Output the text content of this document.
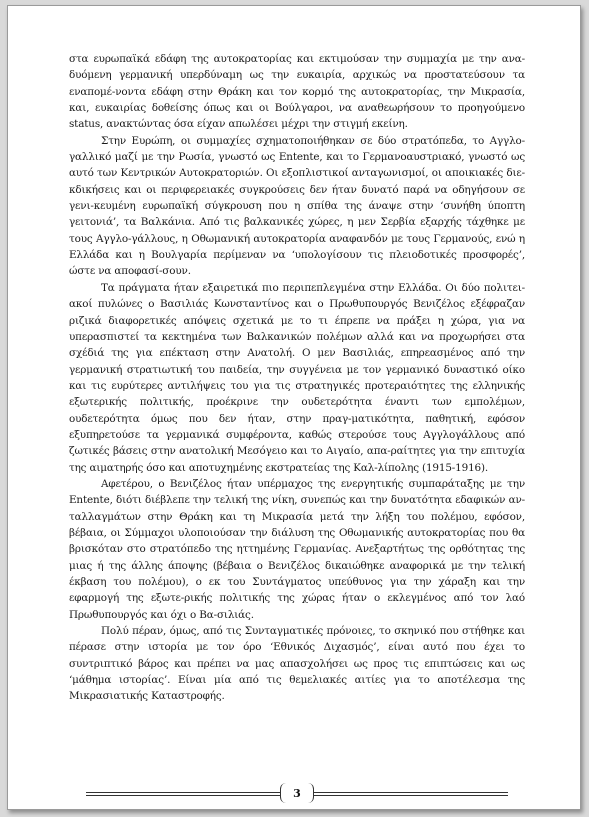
στα ευρωπαϊκά εδάφη της αυτοκρατορίας και εκτιμούσαν την συμμαχία με την ανα-δυόμενη γερμανική υπερδύναμη ως την ευκαιρία, αρχικώς να προστατεύσουν τα εναπομέ-νοντα εδάφη στην Θράκη και τον κορμό της αυτοκρατορίας, την Μικρασία, και, ευκαιρίας δοθείσης όπως και οι Βούλγαροι, να αναθεωρήσουν το προηγούμενο status, ανακτώντας όσα είχαν απωλέσει μέχρι την στιγμή εκείνη.

Στην Ευρώπη, οι συμμαχίες σχηματοποιήθηκαν σε δύο στρατόπεδα, το Αγγλο-γαλλικό μαζί με την Ρωσία, γνωστό ως Entente, και το Γερμανοαυστριακό, γνωστό ως αυτό των Κεντρικών Αυτοκρατοριών. Οι εξοπλιστικοί ανταγωνισμοί, οι αποικιακές διε-κδικήσεις και οι περιφερειακές συγκρούσεις δεν ήταν δυνατό παρά να οδηγήσουν σε γενι-κευμένη ευρωπαϊκή σύγκρουση που η σπίθα της άναψε στην ‘συνήθη ύποπτη γειτονιά’, τα Βαλκάνια. Από τις βαλκανικές χώρες, η μεν Σερβία εξαρχής τάχθηκε με τους Αγγλο-γάλλους, η Οθωμανική αυτοκρατορία αναφανδόν με τους Γερμανούς, ενώ η Ελλάδα και η Βουλγαρία περίμεναν να ‘υπολογίσουν τις πλειοδοτικές προσφορές’, ώστε να αποφασί-σουν.

Τα πράγματα ήταν εξαιρετικά πιο περιπεπλεγμένα στην Ελλάδα. Οι δύο πολιτει-ακοί πυλώνες ο Βασιλιάς Κωνσταντίνος και ο Πρωθυπουργός Βενιζέλος εξέφραζαν ριζικά διαφορετικές απόψεις σχετικά με το τι έπρεπε να πράξει η χώρα, για να υπερασπιστεί τα κεκτημένα των Βαλκανικών πολέμων αλλά και να προχωρήσει στα σχέδιά της για επέκταση στην Ανατολή. Ο μεν Βασιλιάς, επηρεασμένος από την γερμανική στρατιωτική του παιδεία, την συγγένεια με τον γερμανικό δυναστικό οίκο και τις ευρύτερες αντιλήψεις του για τις στρατηγικές προτεραιότητες της ελληνικής εξωτερικής πολιτικής, προέκρινε την ουδετερότητα έναντι των εμπολέμων, ουδετερότητα όμως που δεν ήταν, στην πραγ-ματικότητα, παθητική, εφόσον εξυπηρετούσε τα γερμανικά συμφέροντα, καθώς στερούσε τους Αγγλογάλλους από ζωτικές βάσεις στην ανατολική Μεσόγειο και το Αιγαίο, απα-ραίτητες για την επιτυχία της αιματηρής όσο και αποτυχημένης εκστρατείας της Καλ-λίπολης (1915-1916).

Αφετέρου, ο Βενιζέλος ήταν υπέρμαχος της ενεργητικής συμπαράταξης με την Entente, διότι διέβλεπε την τελική της νίκη, συνεπώς και την δυνατότητα εδαφικών αν-ταλλαγμάτων στην Θράκη και τη Μικρασία μετά την λήξη του πολέμου, εφόσον, βέβαια, οι Σύμμαχοι υλοποιούσαν την διάλυση της Οθωμανικής αυτοκρατορίας που θα βρισκόταν στο στρατόπεδο της ηττημένης Γερμανίας. Ανεξαρτήτως της ορθότητας της μιας ή της άλλης άποψης (βέβαια ο Βενιζέλος δικαιώθηκε αναφορικά με την τελική έκβαση του πολέμου), ο εκ του Συντάγματος υπεύθυνος για την χάραξη και την εφαρμογή της εξωτε-ρικής πολιτικής της χώρας ήταν ο εκλεγμένος από τον λαό Πρωθυπουργός και όχι ο Βα-σιλιάς.

Πολύ πέραν, όμως, από τις Συνταγματικές πρόνοιες, το σκηνικό που στήθηκε και πέρασε στην ιστορία με τον όρο ‘Εθνικός Διχασμός’, είναι αυτό που έχει το συντριπτικό βάρος και πρέπει να μας απασχολήσει ως προς τις επιπτώσεις και ως ‘μάθημα ιστορίας’. Είναι μία από τις θεμελιακές αιτίες για το αποτέλεσμα της Μικρασιατικής Καταστροφής.

3
